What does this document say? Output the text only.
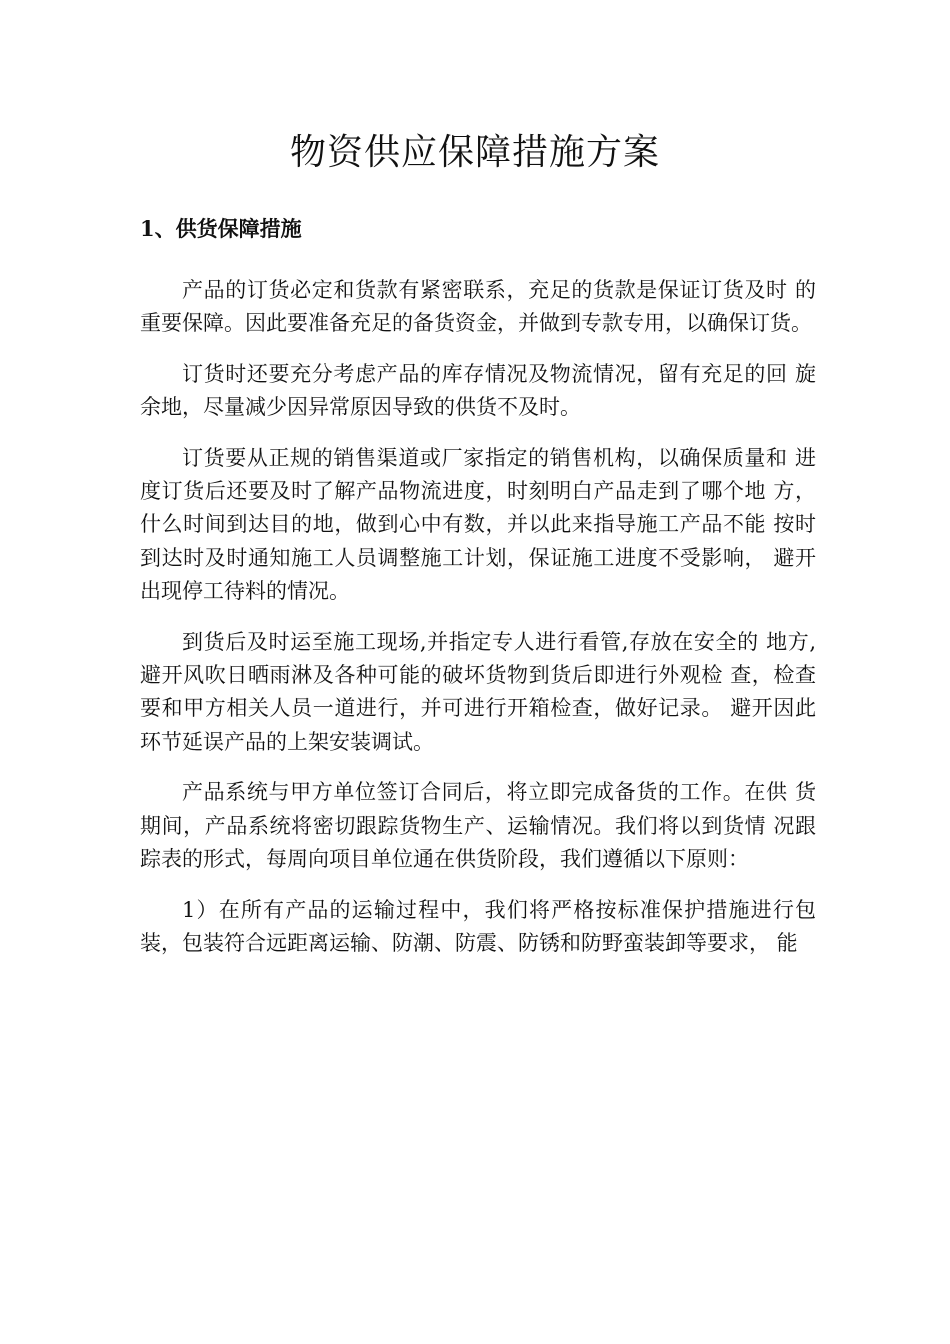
物资供应保障措施方案
1、供货保障措施

产品的订货必定和货款有紧密联系，充足的货款是保证订货及时 的重要保障。因此要准备充足的备货资金，并做到专款专用，以确保订货。

订货时还要充分考虑产品的库存情况及物流情况，留有充足的回 旋余地，尽量减少因异常原因导致的供货不及时。

订货要从正规的销售渠道或厂家指定的销售机构，以确保质量和 进度订货后还要及时了解产品物流进度，时刻明白产品走到了哪个地 方，什么时间到达目的地，做到心中有数，并以此来指导施工产品不能 按时到达时及时通知施工人员调整施工计划，保证施工进度不受影响， 避开出现停工待料的情况。

到货后及时运至施工现场,并指定专人进行看管,存放在安全的 地方,避开风吹日晒雨淋及各种可能的破坏货物到货后即进行外观检 查，检查要和甲方相关人员一道进行，并可进行开箱检查，做好记录。 避开因此环节延误产品的上架安装调试。

产品系统与甲方单位签订合同后，将立即完成备货的工作。在供 货期间，产品系统将密切跟踪货物生产、运输情况。我们将以到货情 况跟踪表的形式，每周向项目单位通在供货阶段，我们遵循以下原则：

1）在所有产品的运输过程中，我们将严格按标准保护措施进行包装，包装符合远距离运输、防潮、防震、防锈和防野蛮装卸等要求， 能
